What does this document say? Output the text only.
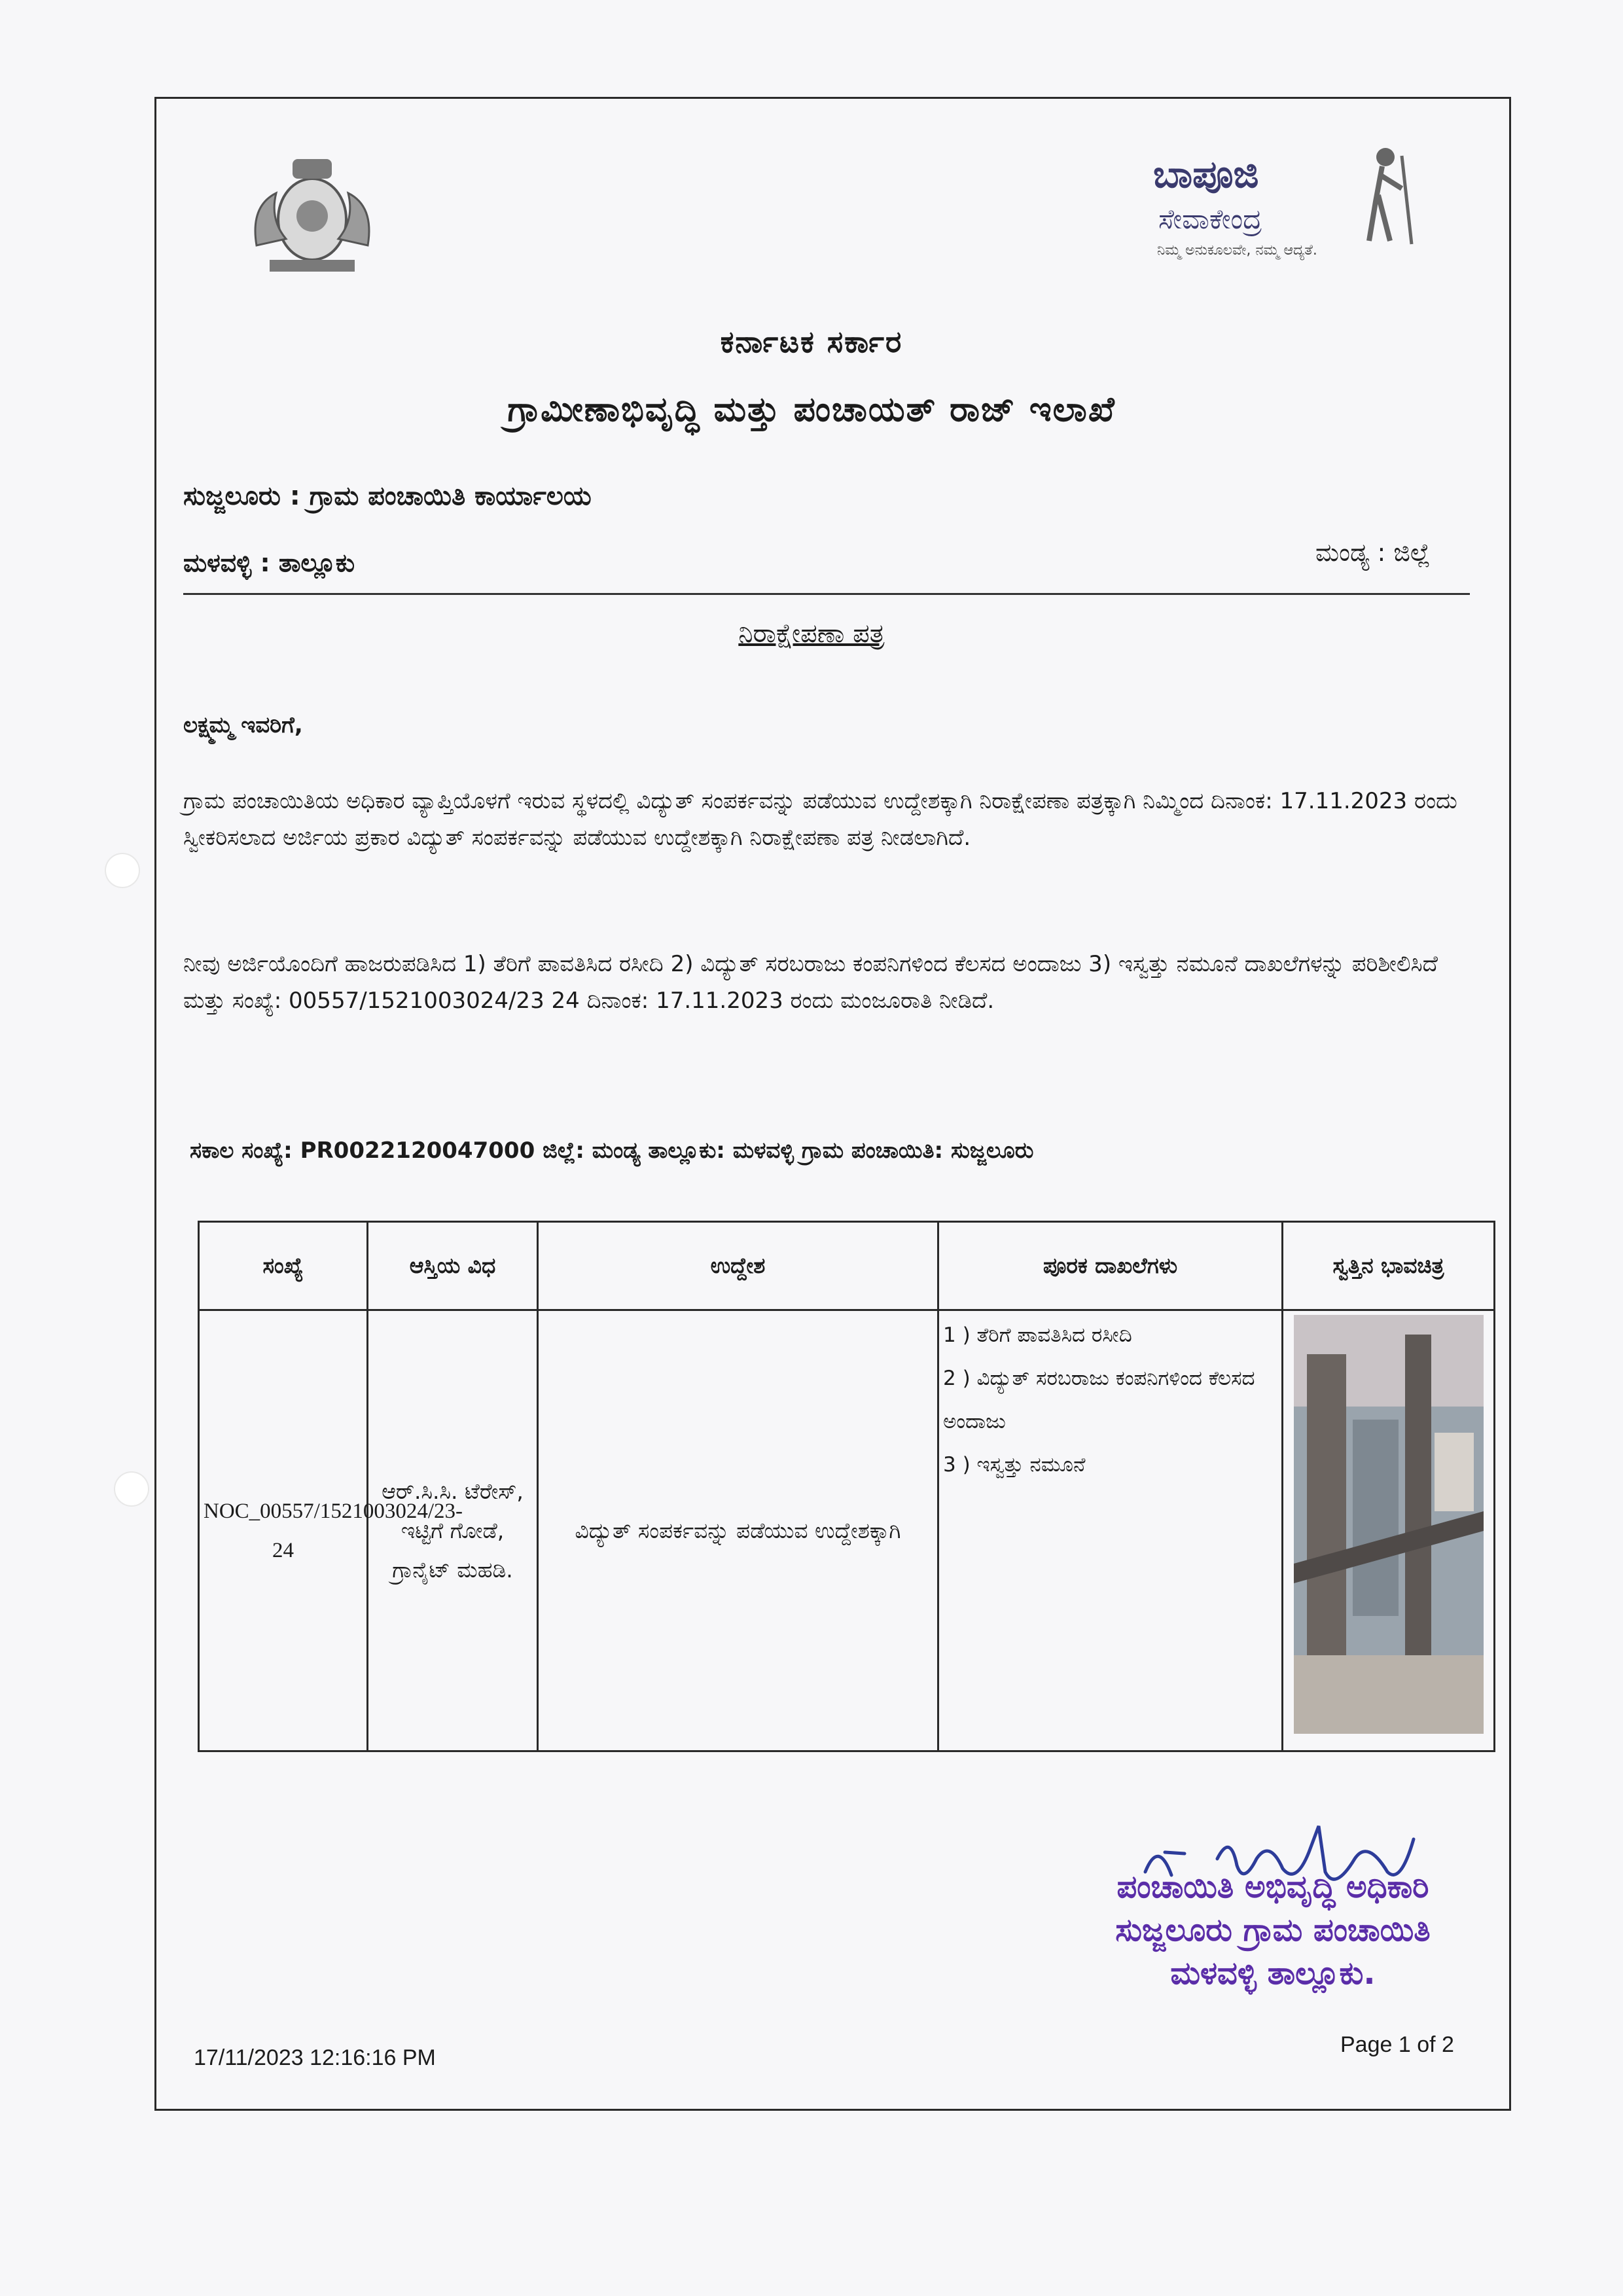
ಬಾಪೂಜಿ
ಸೇವಾಕೇಂದ್ರ
ನಿಮ್ಮ ಅನುಕೂಲವೇ, ನಮ್ಮ ಆದ್ಯತೆ.
ಕರ್ನಾಟಕ ಸರ್ಕಾರ
ಗ್ರಾಮೀಣಾಭಿವೃದ್ಧಿ ಮತ್ತು ಪಂಚಾಯತ್ ರಾಜ್ ಇಲಾಖೆ
ಸುಜ್ಜಲೂರು : ಗ್ರಾಮ ಪಂಚಾಯಿತಿ ಕಾರ್ಯಾಲಯ
ಮಳವಳ್ಳಿ : ತಾಲ್ಲೂಕು	ಮಂಡ್ಯ : ಜಿಲ್ಲೆ
ನಿರಾಕ್ಷೇಪಣಾ ಪತ್ರ
ಲಕ್ಷ್ಮಮ್ಮ ಇವರಿಗೆ,
ಗ್ರಾಮ ಪಂಚಾಯಿತಿಯ ಅಧಿಕಾರ ವ್ಯಾಪ್ತಿಯೊಳಗೆ ಇರುವ ಸ್ಥಳದಲ್ಲಿ ವಿದ್ಯುತ್ ಸಂಪರ್ಕವನ್ನು ಪಡೆಯುವ ಉದ್ದೇಶಕ್ಕಾಗಿ ನಿರಾಕ್ಷೇಪಣಾ ಪತ್ರಕ್ಕಾಗಿ ನಿಮ್ಮಿಂದ ದಿನಾಂಕ: 17.11.2023 ರಂದು ಸ್ವೀಕರಿಸಲಾದ ಅರ್ಜಿಯ ಪ್ರಕಾರ ವಿದ್ಯುತ್ ಸಂಪರ್ಕವನ್ನು ಪಡೆಯುವ ಉದ್ದೇಶಕ್ಕಾಗಿ ನಿರಾಕ್ಷೇಪಣಾ ಪತ್ರ ನೀಡಲಾಗಿದೆ.
ನೀವು ಅರ್ಜಿಯೊಂದಿಗೆ ಹಾಜರುಪಡಿಸಿದ 1) ತೆರಿಗೆ ಪಾವತಿಸಿದ ರಸೀದಿ 2) ವಿದ್ಯುತ್ ಸರಬರಾಜು ಕಂಪನಿಗಳಿಂದ ಕೆಲಸದ ಅಂದಾಜು 3) ಇಸ್ವತ್ತು ನಮೂನೆ ದಾಖಲೆಗಳನ್ನು ಪರಿಶೀಲಿಸಿದೆ ಮತ್ತು ಸಂಖ್ಯೆ: 00557/1521003024/23 24 ದಿನಾಂಕ: 17.11.2023 ರಂದು ಮಂಜೂರಾತಿ ನೀಡಿದೆ.
ಸಕಾಲ ಸಂಖ್ಯೆ: PR0022120047000 ಜಿಲ್ಲೆ: ಮಂಡ್ಯ ತಾಲ್ಲೂಕು: ಮಳವಳ್ಳಿ ಗ್ರಾಮ ಪಂಚಾಯಿತಿ: ಸುಜ್ಜಲೂರು
ಸಂಖ್ಯೆ	ಆಸ್ತಿಯ ವಿಧ	ಉದ್ದೇಶ	ಪೂರಕ ದಾಖಲೆಗಳು	ಸ್ವತ್ತಿನ ಭಾವಚಿತ್ರ
NOC_00557/1521003024/23-24	ಆರ್.ಸಿ.ಸಿ. ಟೆರೇಸ್, ಇಟ್ಟಿಗೆ ಗೋಡೆ, ಗ್ರಾನೈಟ್ ಮಹಡಿ.	ವಿದ್ಯುತ್ ಸಂಪರ್ಕವನ್ನು ಪಡೆಯುವ ಉದ್ದೇಶಕ್ಕಾಗಿ	1 ) ತೆರಿಗೆ ಪಾವತಿಸಿದ ರಸೀದಿ
2 ) ವಿದ್ಯುತ್ ಸರಬರಾಜು ಕಂಪನಿಗಳಿಂದ ಕೆಲಸದ ಅಂದಾಜು
3 ) ಇಸ್ವತ್ತು ನಮೂನೆ

ಪಂಚಾಯಿತಿ ಅಭಿವೃದ್ಧಿ ಅಧಿಕಾರಿ
ಸುಜ್ಜಲೂರು ಗ್ರಾಮ ಪಂಚಾಯಿತಿ
ಮಳವಳ್ಳಿ ತಾಲ್ಲೂಕು.
17/11/2023 12:16:16 PM
Page 1 of 2
